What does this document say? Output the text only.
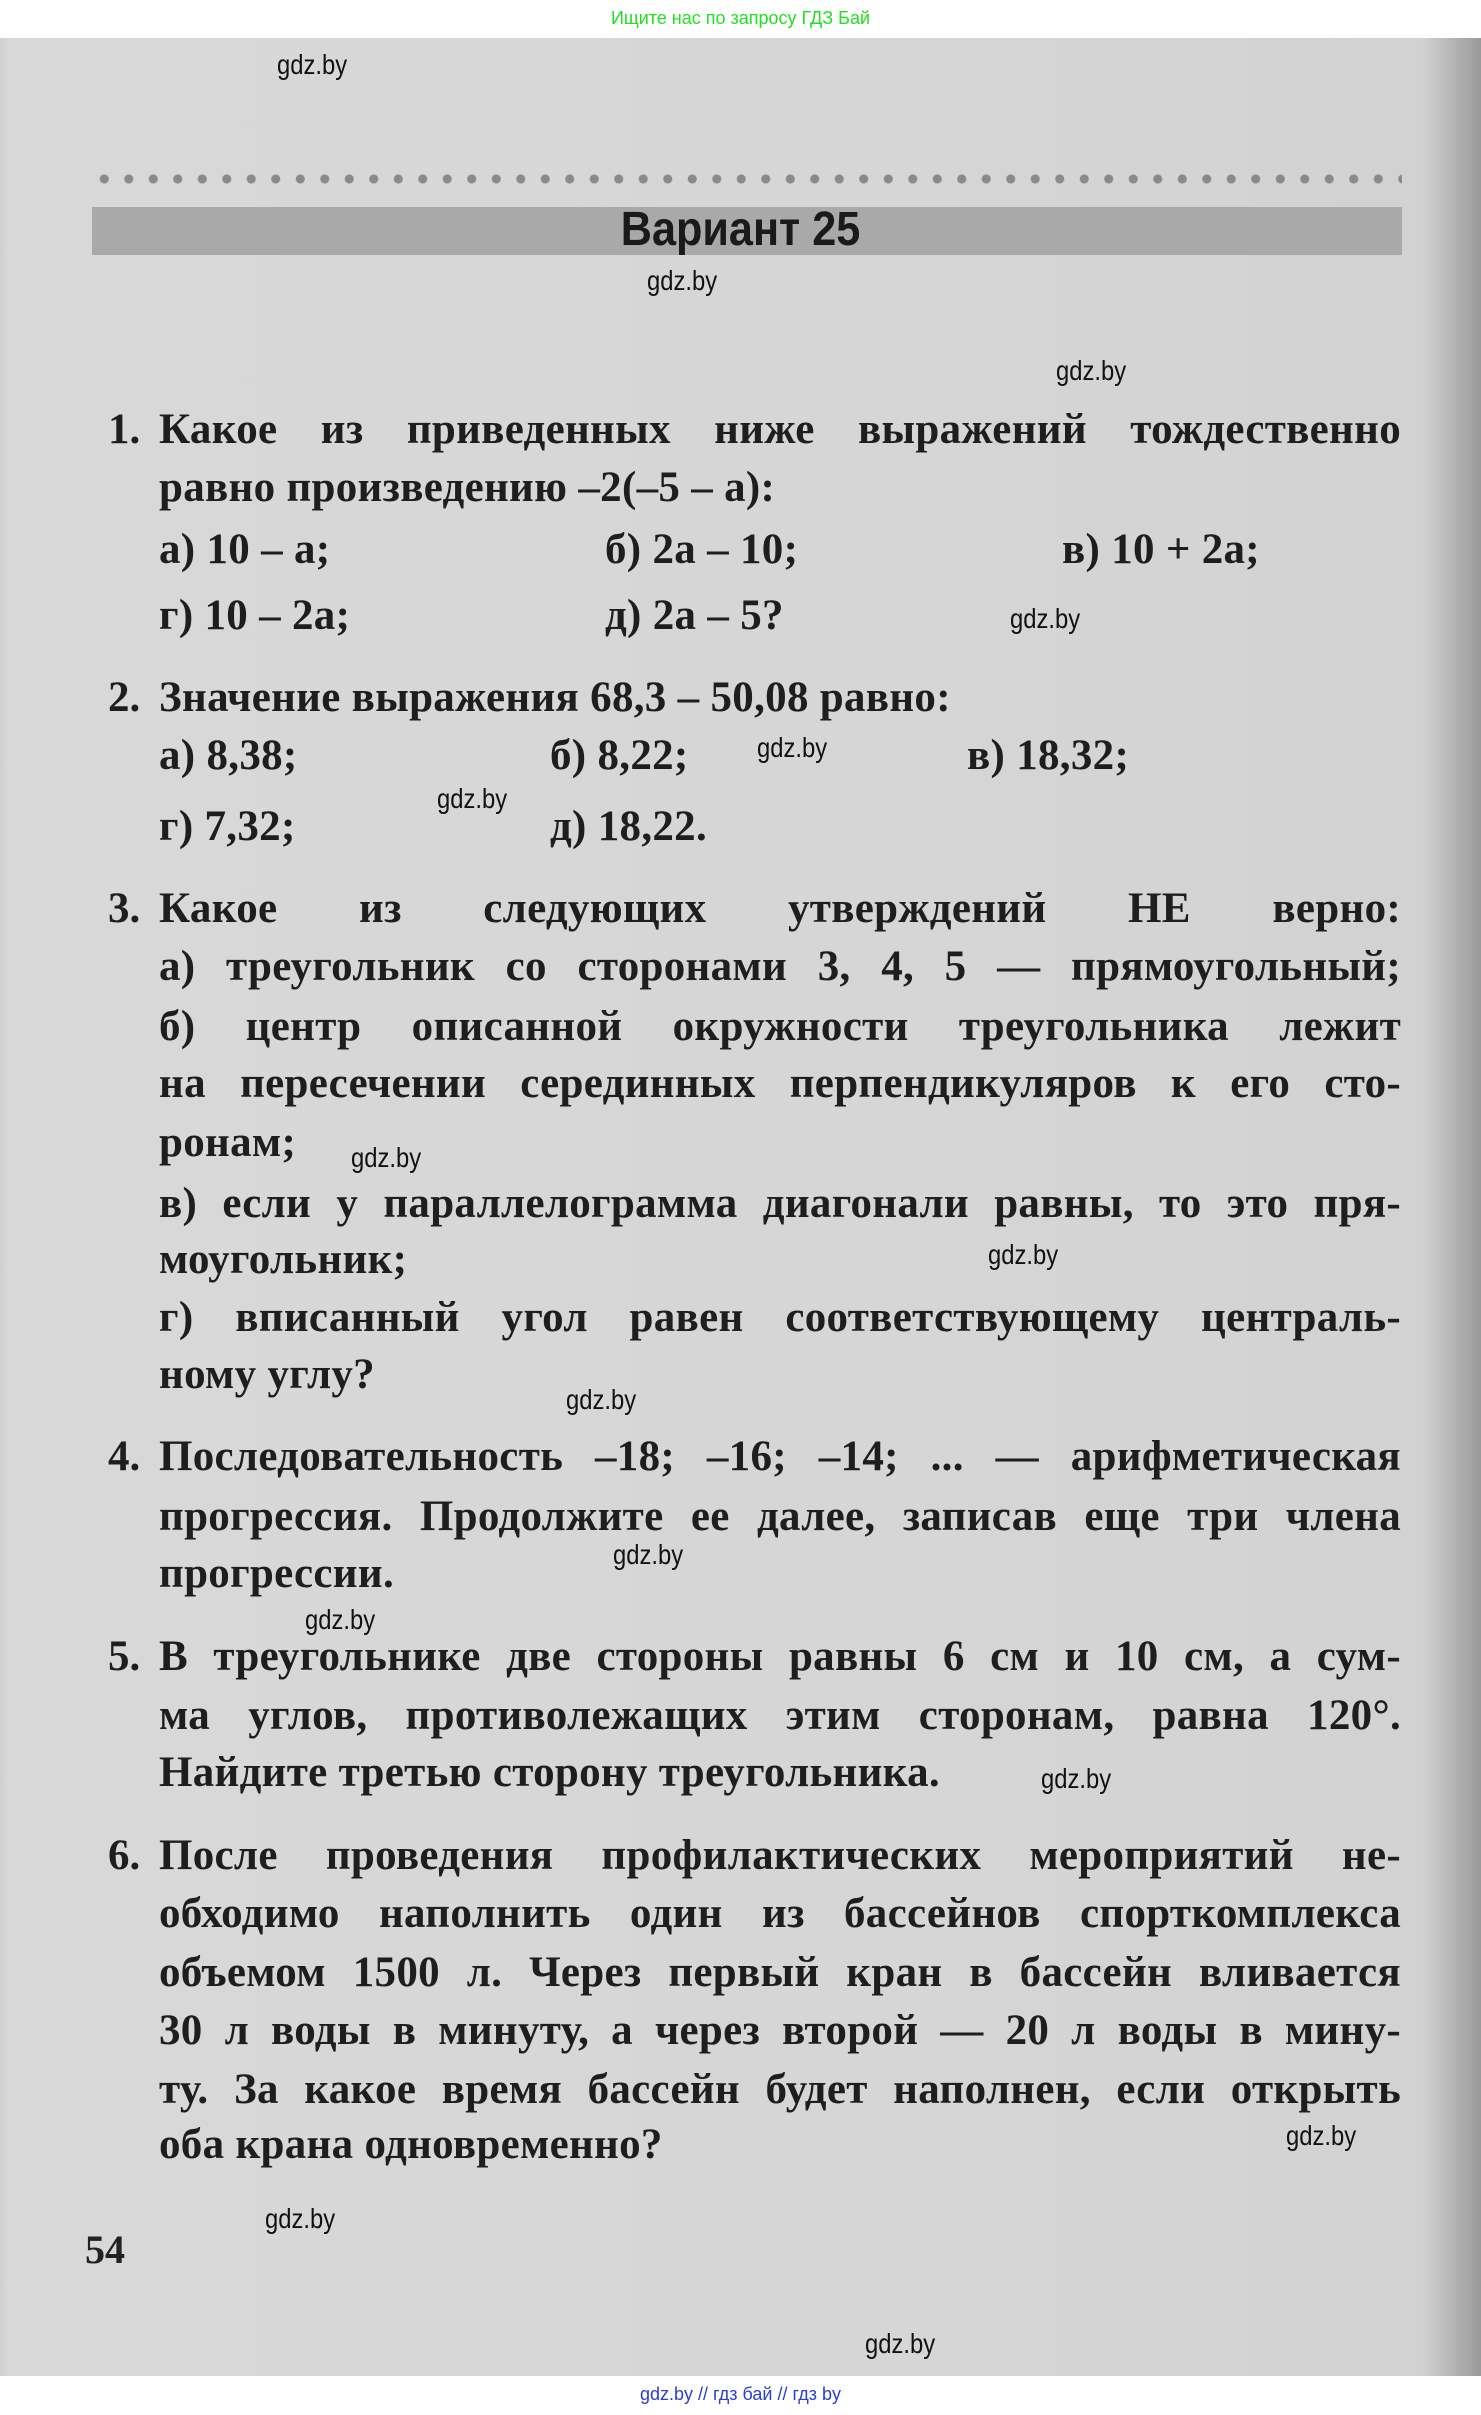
Ищите нас по запросу ГДЗ Бай
Вариант 25
1. Какое из приведенных ниже выражений тождественно
равно произведению –2(–5 – a):
а) 10 – a;	б) 2a – 10;	в) 10 + 2a;
г) 10 – 2a;	д) 2a – 5?
2. Значение выражения 68,3 – 50,08 равно:
а) 8,38;	б) 8,22;	в) 18,32;
г) 7,32;	д) 18,22.
3. Какое из следующих утверждений НЕ верно:
а) треугольник со сторонами 3, 4, 5 — прямоугольный;
б) центр описанной окружности треугольника лежит
на пересечении серединных перпендикуляров к его сто-
ронам;
в) если у параллелограмма диагонали равны, то это пря-
моугольник;
г) вписанный угол равен соответствующему централь-
ному углу?
4. Последовательность –18; –16; –14; ... — арифметическая
прогрессия. Продолжите ее далее, записав еще три члена
прогрессии.
5. В треугольнике две стороны равны 6 см и 10 см, а сум-
ма углов, противолежащих этим сторонам, равна 120°.
Найдите третью сторону треугольника.
6. После проведения профилактических мероприятий не-
обходимо наполнить один из бассейнов спорткомплекса
объемом 1500 л. Через первый кран в бассейн вливается
30 л воды в минуту, а через второй — 20 л воды в мину-
ту. За какое время бассейн будет наполнен, если открыть
оба крана одновременно?
54
gdz.by
gdz.by
gdz.by
gdz.by
gdz.by
gdz.by
gdz.by
gdz.by
gdz.by
gdz.by
gdz.by
gdz.by
gdz.by
gdz.by
gdz.by
gdz.by // гдз бай // гдз by
